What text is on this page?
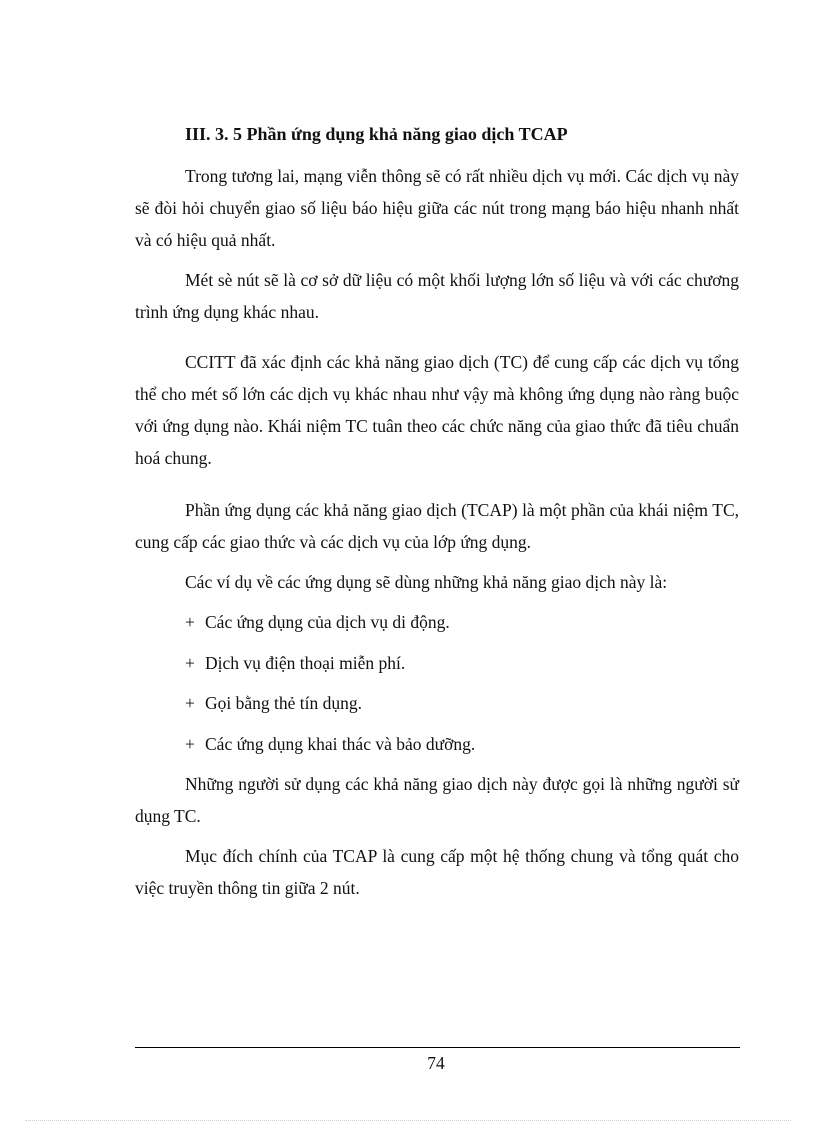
III. 3. 5 Phần ứng dụng khả năng giao dịch TCAP

Trong tương lai, mạng viễn thông sẽ có rất nhiều dịch vụ mới. Các dịch vụ này sẽ đòi hỏi chuyển giao số liệu báo hiệu giữa các nút trong mạng báo hiệu nhanh nhất và có hiệu quả nhất.

Mét sè nút sẽ là cơ sở dữ liệu có một khối lượng lớn số liệu và với các chương trình ứng dụng khác nhau.

CCITT đã xác định các khả năng giao dịch (TC) để cung cấp các dịch vụ tổng thể cho mét số lớn các dịch vụ khác nhau như vậy mà không ứng dụng nào ràng buộc với ứng dụng nào. Khái niệm TC tuân theo các chức năng của giao thức đã tiêu chuẩn hoá chung.

Phần ứng dụng các khả năng giao dịch (TCAP) là một phần của khái niệm TC, cung cấp các giao thức và các dịch vụ của lớp ứng dụng.

Các ví dụ về các ứng dụng sẽ dùng những khả năng giao dịch này là:

+ Các ứng dụng của dịch vụ di động.
+ Dịch vụ điện thoại miễn phí.
+ Gọi bằng thẻ tín dụng.
+ Các ứng dụng khai thác và bảo dưỡng.

Những người sử dụng các khả năng giao dịch này được gọi là những người sử dụng TC.

Mục đích chính của TCAP là cung cấp một hệ thống chung và tổng quát cho việc truyền thông tin giữa 2 nút.

74
